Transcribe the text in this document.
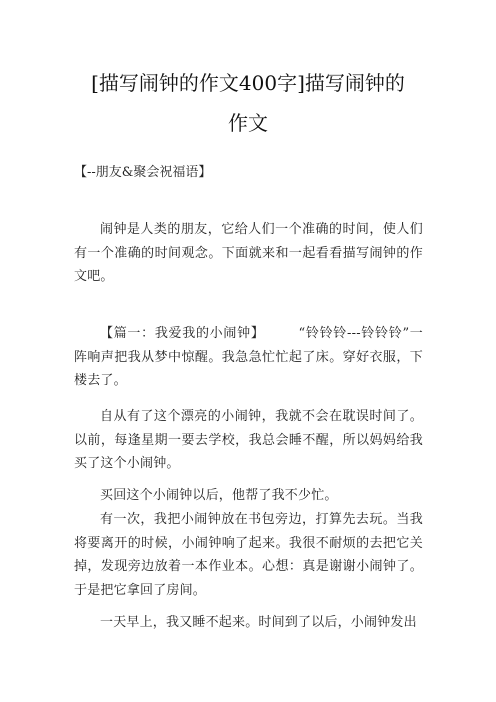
[描写闹钟的作文400字]描写闹钟的
作文
【--朋友&聚会祝福语】
闹钟是人类的朋友，它给人们一个准确的时间，使人们有一个准确的时间观念。下面就来和一起看看描写闹钟的作文吧。
【篇一：我爱我的小闹钟】	“铃铃铃---铃铃铃”一阵响声把我从梦中惊醒。我急急忙忙起了床。穿好衣服，下楼去了。
自从有了这个漂亮的小闹钟，我就不会在耽误时间了。以前，每逢星期一要去学校，我总会睡不醒，所以妈妈给我买了这个小闹钟。
买回这个小闹钟以后，他帮了我不少忙。
有一次，我把小闹钟放在书包旁边，打算先去玩。当我将要离开的时候，小闹钟响了起来。我很不耐烦的去把它关掉，发现旁边放着一本作业本。心想：真是谢谢小闹钟了。于是把它拿回了房间。
一天早上，我又睡不起来。时间到了以后，小闹钟发出
